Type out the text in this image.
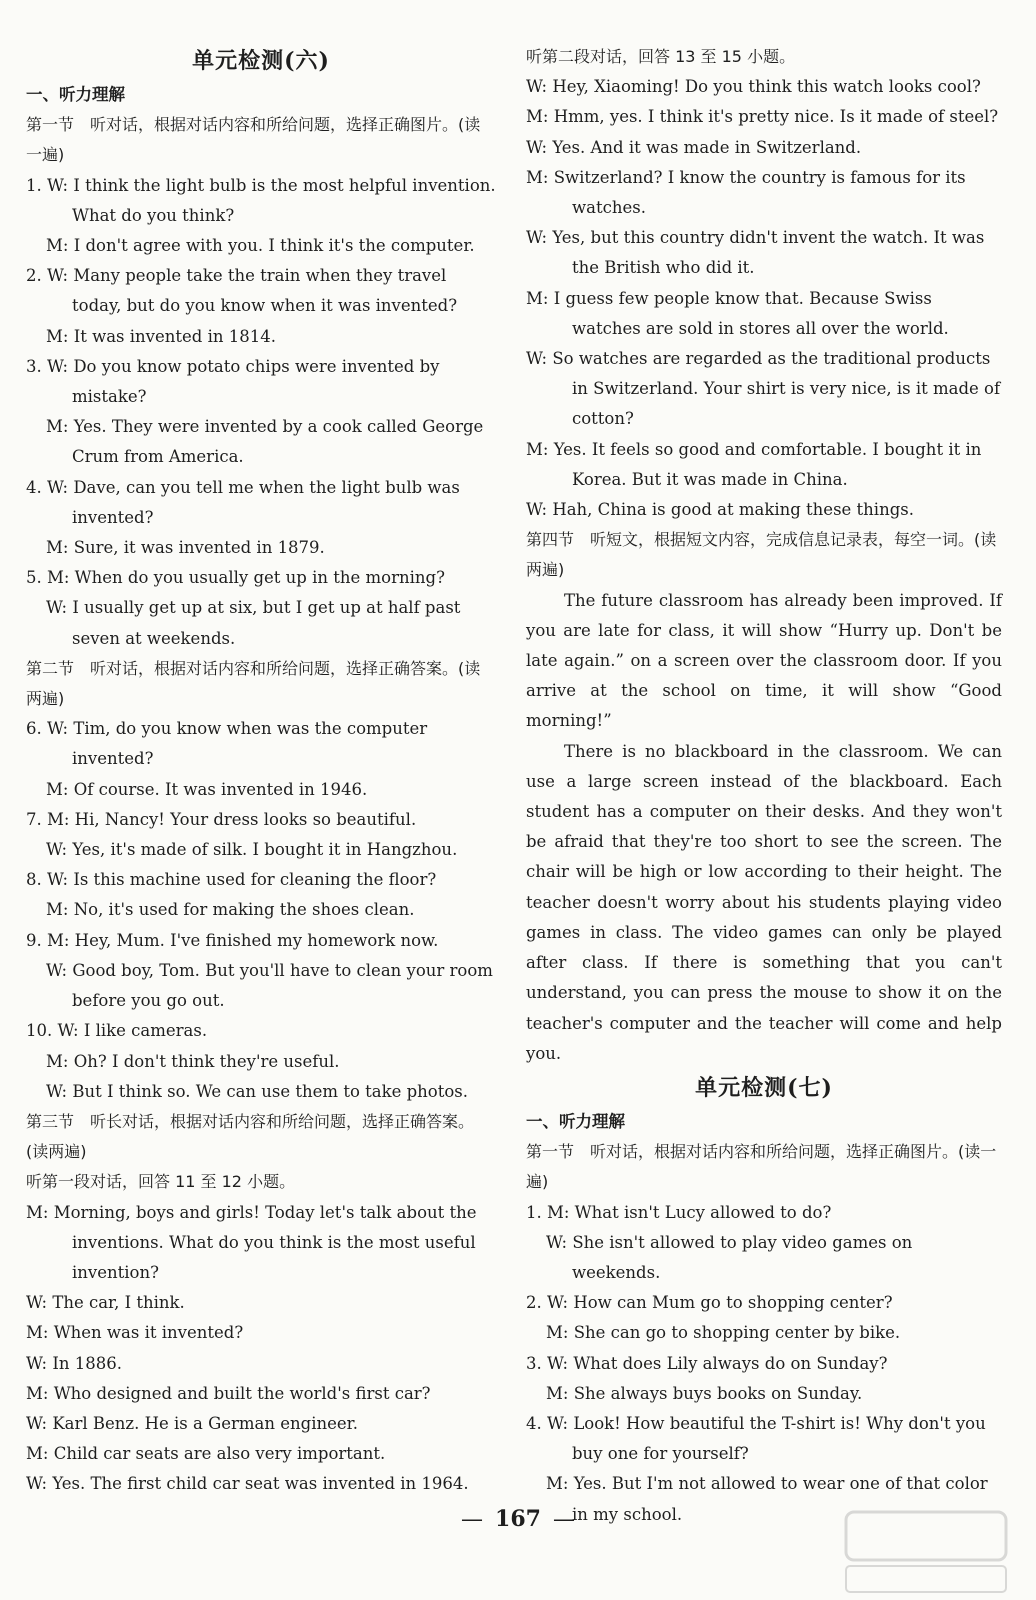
单元检测(六)

一、听力理解

第一节　听对话，根据对话内容和所给问题，选择正确图片。(读一遍)

1. W: I think the light bulb is the most helpful invention. What do you think?

M: I don't agree with you. I think it's the computer.

2. W: Many people take the train when they travel today, but do you know when it was invented?

M: It was invented in 1814.

3. W: Do you know potato chips were invented by mistake?

M: Yes. They were invented by a cook called George Crum from America.

4. W: Dave, can you tell me when the light bulb was invented?

M: Sure, it was invented in 1879.

5. M: When do you usually get up in the morning?

W: I usually get up at six, but I get up at half past seven at weekends.

第二节　听对话，根据对话内容和所给问题，选择正确答案。(读两遍)

6. W: Tim, do you know when was the computer invented?

M: Of course. It was invented in 1946.

7. M: Hi, Nancy! Your dress looks so beautiful.

W: Yes, it's made of silk. I bought it in Hangzhou.

8. W: Is this machine used for cleaning the floor?

M: No, it's used for making the shoes clean.

9. M: Hey, Mum. I've finished my homework now.

W: Good boy, Tom. But you'll have to clean your room before you go out.

10. W: I like cameras.

M: Oh? I don't think they're useful.

W: But I think so. We can use them to take photos.

第三节　听长对话，根据对话内容和所给问题，选择正确答案。(读两遍)

听第一段对话，回答 11 至 12 小题。

M: Morning, boys and girls! Today let's talk about the inventions. What do you think is the most useful invention?

W: The car, I think.

M: When was it invented?

W: In 1886.

M: Who designed and built the world's first car?

W: Karl Benz. He is a German engineer.

M: Child car seats are also very important.

W: Yes. The first child car seat was invented in 1964.

听第二段对话，回答 13 至 15 小题。

W: Hey, Xiaoming! Do you think this watch looks cool?

M: Hmm, yes. I think it's pretty nice. Is it made of steel?

W: Yes. And it was made in Switzerland.

M: Switzerland? I know the country is famous for its watches.

W: Yes, but this country didn't invent the watch. It was the British who did it.

M: I guess few people know that. Because Swiss watches are sold in stores all over the world.

W: So watches are regarded as the traditional products in Switzerland. Your shirt is very nice, is it made of cotton?

M: Yes. It feels so good and comfortable. I bought it in Korea. But it was made in China.

W: Hah, China is good at making these things.

第四节　听短文，根据短文内容，完成信息记录表，每空一词。(读两遍)

The future classroom has already been improved. If you are late for class, it will show “Hurry up. Don't be late again.” on a screen over the classroom door. If you arrive at the school on time, it will show “Good morning!”

There is no blackboard in the classroom. We can use a large screen instead of the blackboard. Each student has a computer on their desks. And they won't be afraid that they're too short to see the screen. The chair will be high or low according to their height. The teacher doesn't worry about his students playing video games in class. The video games can only be played after class. If there is something that you can't understand, you can press the mouse to show it on the teacher's computer and the teacher will come and help you.

单元检测(七)

一、听力理解

第一节　听对话，根据对话内容和所给问题，选择正确图片。(读一遍)

1. M: What isn't Lucy allowed to do?

W: She isn't allowed to play video games on weekends.

2. W: How can Mum go to shopping center?

M: She can go to shopping center by bike.

3. W: What does Lily always do on Sunday?

M: She always buys books on Sunday.

4. W: Look! How beautiful the T-shirt is! Why don't you buy one for yourself?

M: Yes. But I'm not allowed to wear one of that color in my school.

— 167 —
